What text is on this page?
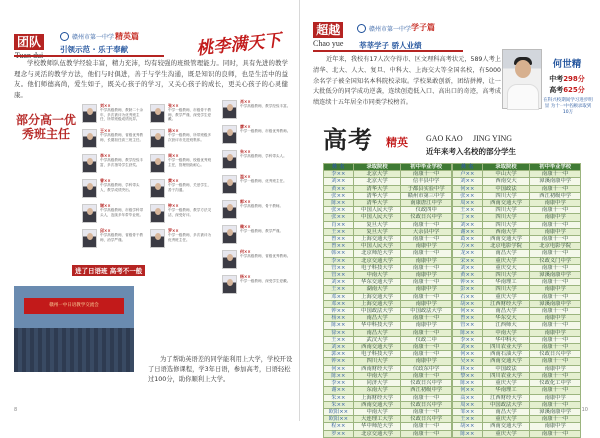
团队	赣州市第一中学 精英篇
引领示范 · 乐于奉献	桃李满天下

学校教师队伍教学经验丰富，精力充沛，均有较强的班级管理能力。同时，具有先进的教学理念与灵活的教学方法，他们与时俱进，善于与学生沟通，既是知识的良师，也是生活中的益友。他们师德高尚，爱生如子，既关心孩子的学习，又关心孩子的成长，更关心孩子的心灵健康。

部分高一优秀班主任
刘××
中学高级教师，教龄二十余年，多次被评为优秀班主任，所带班级成绩优异。
张××
中学一级教师，市级骨干教师，教学严谨，深受学生爱戴。
王××
中学高级教师，省级优秀教师，长期担任高三班主任。
陈××
中学一级教师，所带班级多次获评市先进班集体。
李××
中学高级教师，教学经验丰富，多次指导学生获奖。
周××
中学一级教师，校级优秀班主任，管理细致耐心。
曾××
中学高级教师，学科带头人，教学成绩突出。
黄××
中学一级教师，关爱学生，善于沟通。
谢××
中学高级教师，市级学科带头人，连续多年带毕业班。
钟××
中学一级教师，教学方法灵活，深受好评。
邱××
中学高级教师，省级骨干教师，治学严谨。
罗××
中学一级教师，多次被评为优秀班主任。
肖××
中学高级教师，教学经验丰富。
廖××
中学一级教师，市级优秀教师。
朱××
中学高级教师，学科带头人。
温××
中学一级教师，优秀班主任。
郭××
中学高级教师，骨干教师。
赖××
中学一级教师，教学严谨。
何××
中学高级教师，省级优秀教师。
杨××
中学一级教师，深受学生爱戴。
进了日语班 高考不一般
赣州一中日语教学交流会

为了帮助英语差的同学能利用上大学，学校开设了日语选修课程，学3年日语，参加高考，日语轻松过100分，助你顺利上大学。

8
超越
Chao yue
赣州市第一中学 学子篇
莘莘学子 骄人业绩

近年来，我校有17人次夺得市、区文理科高考状元，589人考上清华、北大、人大、复旦、中科大、上海交大等全国名校，有5000余名学子被全国知名本科院校录取。学校果敢创新，团结拼搏，让一大批低分的同学成功逆袭，连续创造低入口、高出口的奇迹，高考成绩连续十五年居全市同类学校榜首。

何世精
中考298分
高考625分
在科兴校期间学习进步明显 为十一中名额录取到10万
高考 精英 GAO KAO JING YING
近年来考入名校的部分学生
姓 名	录取院校	初中毕业学校
李××	北京大学	南康十一中
刘××	北京大学	信丰县中学
黄××	清华大学	于都县实验中学
张××	清华大学	赣州市第三中学
陈××	清华大学	南康唐江中学
张××	中国人民大学	仪政四中
张××	中国人民大学	仪政日兴中学
肖××	复旦大学	南康十一中
王××	复旦大学	大余县中学
曾××	上海交通大学	南康十一中
曾××	中国人民大学	南康中学
韩××	北京师范大学	南康十一中
李××	北京交通大学	南康中学
管××	电子科技大学	南康十一中
管××	中南大学	南康中学
刘××	华东交通大学	南康十一中
王××	湖南大学	南康中学
邓××	上海交通大学	南康十一中
邓××	上海交通大学	南康中学
钟××	中国政法大学	中国政法大学
杨××	南昌大学	南康十一中
陈××	华中科技大学	南康中学
徐××	南昌大学	南康十一中
王××	武汉大学	仪政二中
刘××	西南交通大学	南康十一中
郭××	电子科技大学	南康十一中
钟××	四川大学	南康中学
何××	西南财经大学	仪政东中学
陈××	中南大学	南康十一中
李××	同济大学	仪政日兴中学
谢××	东南大学	西江初级中学
朱××	上海财经大学	南康十一中
朱××	西南交通大学	仪政日兴中学
欧阳××	中南大学	南康十一中
欧阳××	大连理工大学	仪政日兴中学
程××	华中师范大学	南康十一中
罗××	北京交通大学	南康十一中
姓 名	录取院校	初中毕业学校
卢××	中山大学	南康十一中
刘××	西南交大	漳溪南康中学
何××	中国政法	南康十一中
张××	四川大学	西江初级中学
周××	西南交通大学	南康中学
王××	四川大学	南康十一中
丁××	四川大学	南康中学
刘××	四川大学	南康十一中
谢××	西南大学	南康中学
葛××	西南交通大学	南康十一中
方××	北京电影学院	北京电影学院
龙××	南昌大学	南康十一中
宋××	重庆大学	仪政义门中学
刘××	重庆交大	南康十一中
黄××	四川大学	漳溪南康中学
钟××	华南理工	南康十一中
彭××	四川大学	南康中学
石××	重庆大学	南康十一中
胡××	江西财经大学	漳溪南康中学
何××	南昌大学	南康十一中
曾××	华东交大	南康中学
管××	江西师大	南康十一中
陈××	中南大学	南康中学
李××	华中科大	南康十一中
刘××	四川农业大学	南康十一中
何××	西南石油大学	仪政日兴中学
吴××	西南交通大学	南康十一中
林××	中国政法	南康中学
黎××	四川农业大学	南康十一中
陈××	重庆大学	仪政化工中学
何××	华南理工	南康十一中
高××	江西财经大学	南康中学
周××	中国政法大学	南康十一中
邹××	南昌大学	漳溪南康中学
王××	重庆大学	南康十一中
胡××	西南交通大学	南康中学
陈××	重庆大学	南康十一中
10
